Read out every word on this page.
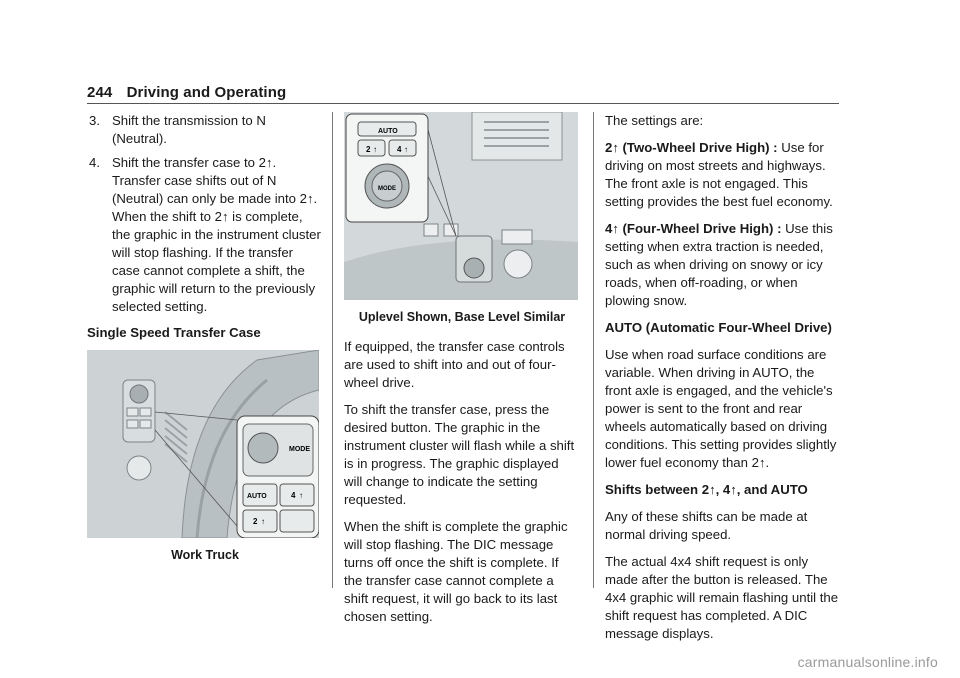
244 Driving and Operating
3. Shift the transmission to N (Neutral).
4. Shift the transfer case to 2↑. Transfer case shifts out of N (Neutral) can only be made into 2↑. When the shift to 2↑ is complete, the graphic in the instrument cluster will stop flashing. If the transfer case cannot complete a shift, the graphic will return to the previously selected setting.
Single Speed Transfer Case
MODE
AUTO	4 ↑
2 ↑
Work Truck
AUTO
MODE
2 ↑	4 ↑
Uplevel Shown, Base Level Similar

If equipped, the transfer case controls are used to shift into and out of four-wheel drive.

To shift the transfer case, press the desired button. The graphic in the instrument cluster will flash while a shift is in progress. The graphic displayed will change to indicate the setting requested.

When the shift is complete the graphic will stop flashing. The DIC message turns off once the shift is complete. If the transfer case cannot complete a shift request, it will go back to its last chosen setting.

The settings are:

2↑ (Two-Wheel Drive High) : Use for driving on most streets and highways. The front axle is not engaged. This setting provides the best fuel economy.

4↑ (Four-Wheel Drive High) : Use this setting when extra traction is needed, such as when driving on snowy or icy roads, when off-roading, or when plowing snow.

AUTO (Automatic Four-Wheel Drive)

Use when road surface conditions are variable. When driving in AUTO, the front axle is engaged, and the vehicle's power is sent to the front and rear wheels automatically based on driving conditions. This setting provides slightly lower fuel economy than 2↑.

Shifts between 2↑, 4↑, and AUTO

Any of these shifts can be made at normal driving speed.

The actual 4x4 shift request is only made after the button is released. The 4x4 graphic will remain flashing until the shift request has completed. A DIC message displays.

carmanualsonline.info
